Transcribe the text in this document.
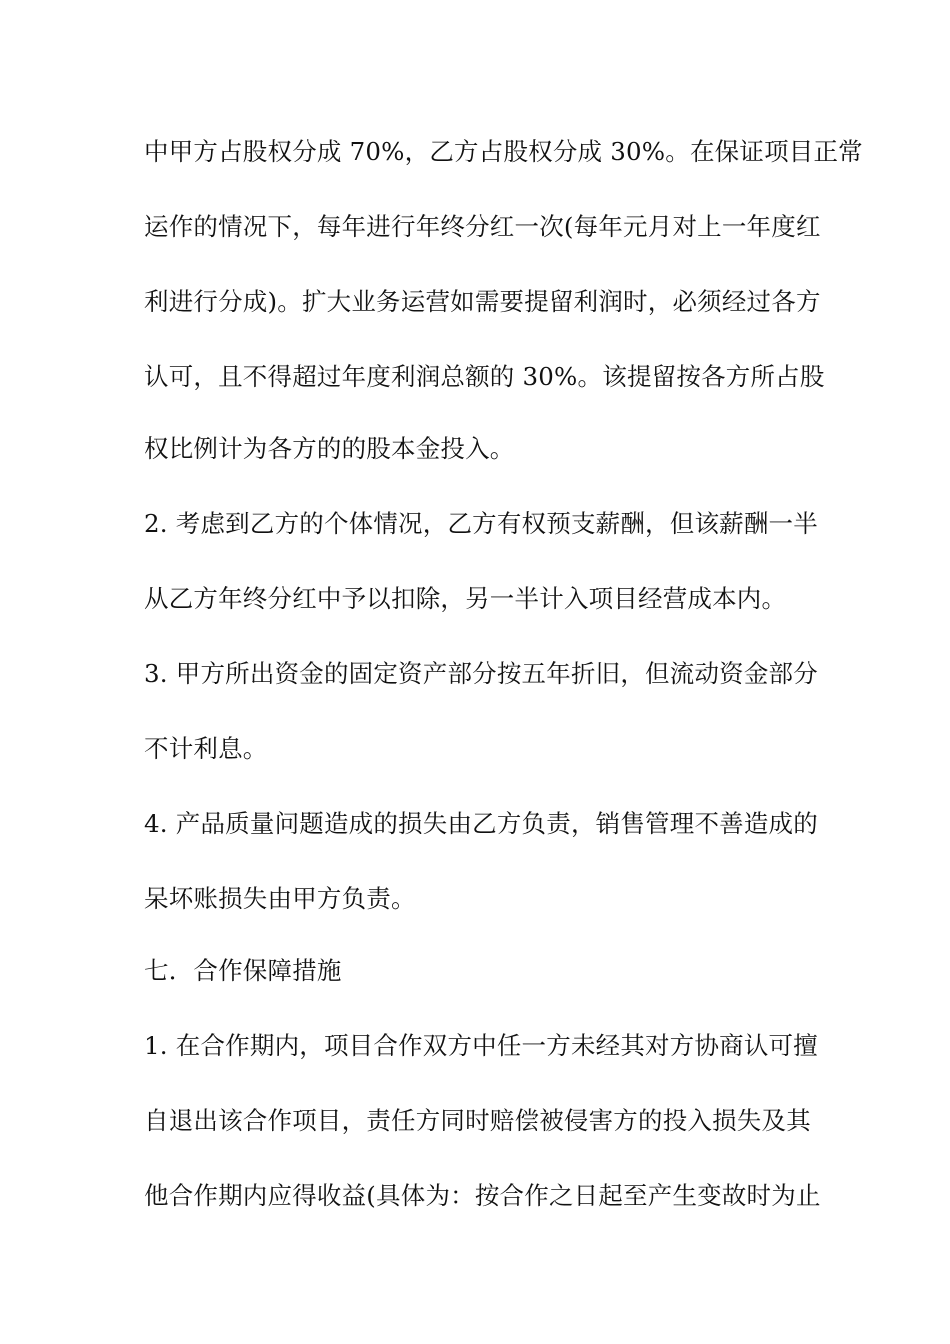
中甲方占股权分成 70%，乙方占股权分成 30%。在保证项目正常
运作的情况下，每年进行年终分红一次(每年元月对上一年度红
利进行分成)。扩大业务运营如需要提留利润时，必须经过各方
认可，且不得超过年度利润总额的 30%。该提留按各方所占股
权比例计为各方的的股本金投入。
2. 考虑到乙方的个体情况，乙方有权预支薪酬，但该薪酬一半
从乙方年终分红中予以扣除，另一半计入项目经营成本内。
3. 甲方所出资金的固定资产部分按五年折旧，但流动资金部分
不计利息。
4. 产品质量问题造成的损失由乙方负责，销售管理不善造成的
呆坏账损失由甲方负责。
七．合作保障措施
1. 在合作期内，项目合作双方中任一方未经其对方协商认可擅
自退出该合作项目，责任方同时赔偿被侵害方的投入损失及其
他合作期内应得收益(具体为：按合作之日起至产生变故时为止
